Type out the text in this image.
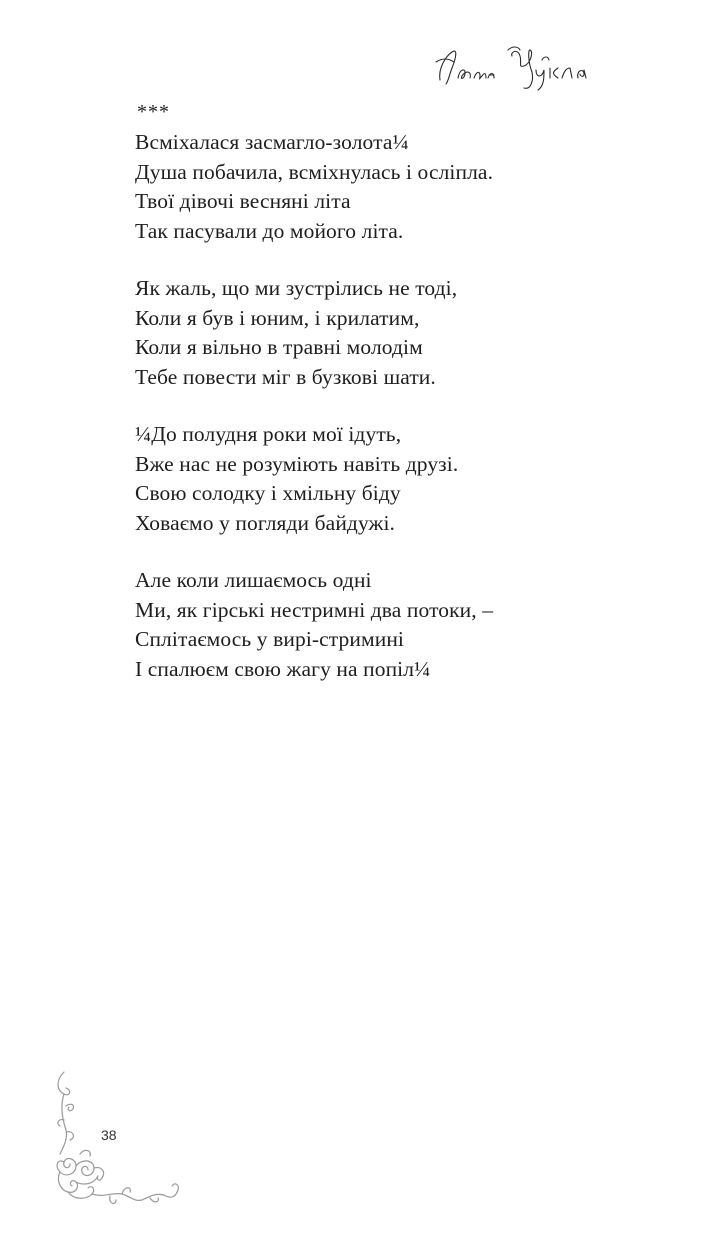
***
Всміхалася засмагло-золота¼
Душа побачила, всміхнулась і осліпла.
Твої дівочі весняні літа
Так пасували до мойого літа.
Як жаль, що ми зустрілись не тоді,
Коли я був і юним, і крилатим,
Коли я вільно в травні молодім
Тебе повести міг в бузкові шати.
¼До полудня роки мої ідуть,
Вже нас не розуміють навіть друзі.
Свою солодку і хмільну біду
Ховаємо у погляди байдужі.
Але коли лишаємось одні
Ми, як гірські нестримні два потоки, –
Сплітаємось у вирі-стримині
І спалюєм свою жагу на попіл¼
38
